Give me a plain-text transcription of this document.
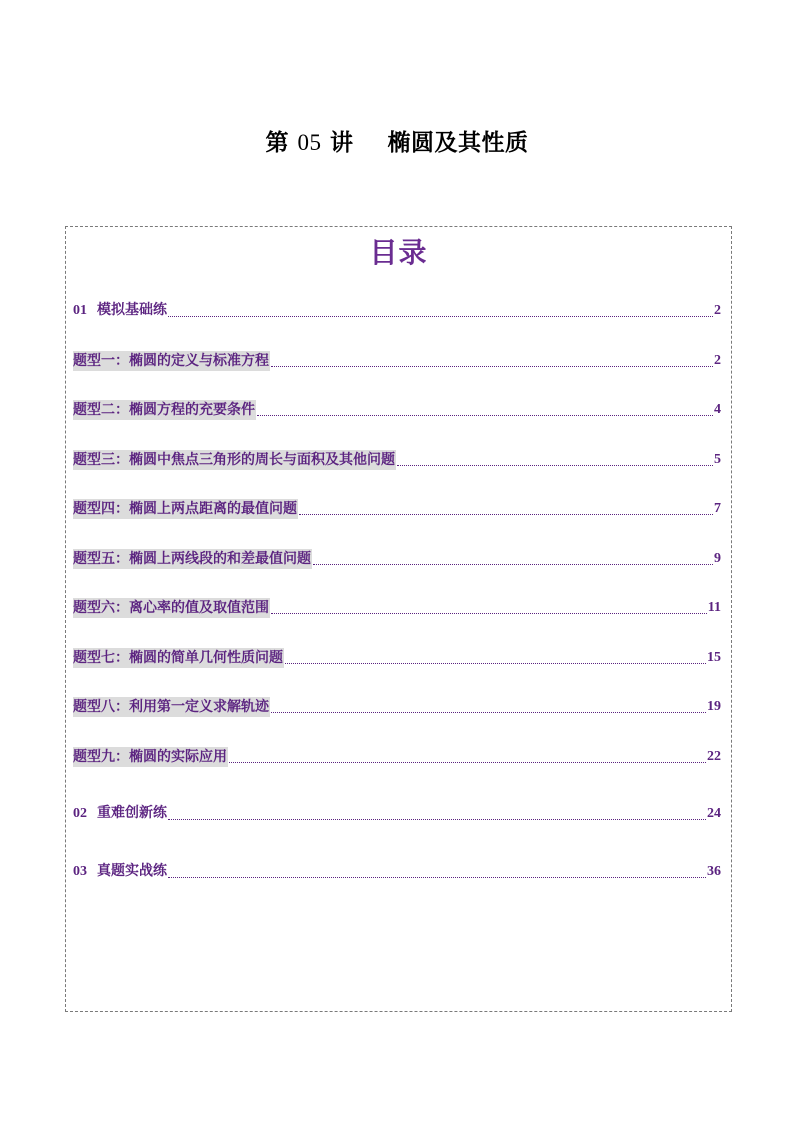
第 05 讲    椭圆及其性质
目录
01 模拟基础练	2
题型一：椭圆的定义与标准方程	2
题型二：椭圆方程的充要条件	4
题型三：椭圆中焦点三角形的周长与面积及其他问题	5
题型四：椭圆上两点距离的最值问题	7
题型五：椭圆上两线段的和差最值问题	9
题型六：离心率的值及取值范围	11
题型七：椭圆的简单几何性质问题	15
题型八：利用第一定义求解轨迹	19
题型九：椭圆的实际应用	22
02 重难创新练	24
03 真题实战练	36
